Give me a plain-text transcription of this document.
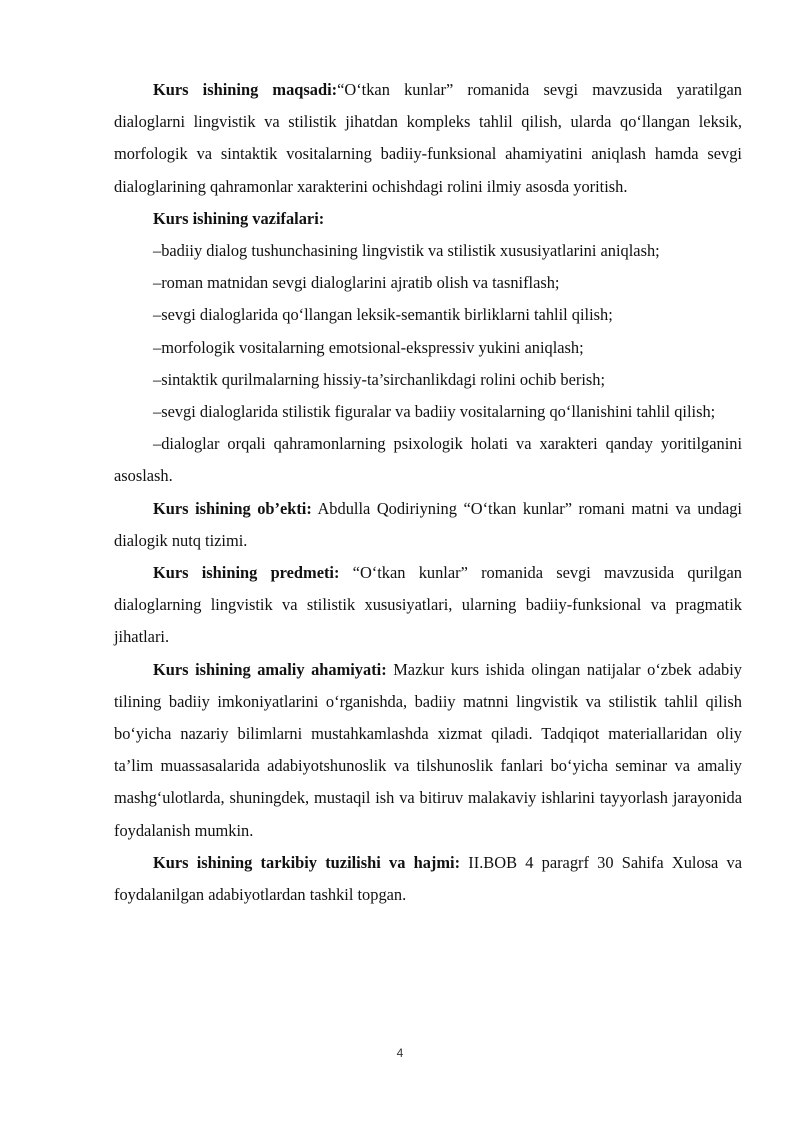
Kurs ishining maqsadi:“O‘tkan kunlar” romanida sevgi mavzusida yaratilgan dialoglarni lingvistik va stilistik jihatdan kompleks tahlil qilish, ularda qo‘llangan leksik, morfologik va sintaktik vositalarning badiiy-funksional ahamiyatini aniqlash hamda sevgi dialoglarining qahramonlar xarakterini ochishdagi rolini ilmiy asosda yoritish.

Kurs ishining vazifalari:

–badiiy dialog tushunchasining lingvistik va stilistik xususiyatlarini aniqlash;

–roman matnidan sevgi dialoglarini ajratib olish va tasniflash;

–sevgi dialoglarida qo‘llangan leksik-semantik birliklarni tahlil qilish;

–morfologik vositalarning emotsional-ekspressiv yukini aniqlash;

–sintaktik qurilmalarning hissiy-ta’sirchanlikdagi rolini ochib berish;

–sevgi dialoglarida stilistik figuralar va badiiy vositalarning qo‘llanishini tahlil qilish;

–dialoglar orqali qahramonlarning psixologik holati va xarakteri qanday yoritilganini asoslash.

Kurs ishining ob’ekti: Abdulla Qodiriyning “O‘tkan kunlar” romani matni va undagi dialogik nutq tizimi.

Kurs ishining predmeti: “O‘tkan kunlar” romanida sevgi mavzusida qurilgan dialoglarning lingvistik va stilistik xususiyatlari, ularning badiiy-funksional va pragmatik jihatlari.

Kurs ishining amaliy ahamiyati: Mazkur kurs ishida olingan natijalar o‘zbek adabiy tilining badiiy imkoniyatlarini o‘rganishda, badiiy matnni lingvistik va stilistik tahlil qilish bo‘yicha nazariy bilimlarni mustahkamlashda xizmat qiladi. Tadqiqot materiallaridan oliy ta’lim muassasalarida adabiyotshunoslik va tilshunoslik fanlari bo‘yicha seminar va amaliy mashg‘ulotlarda, shuningdek, mustaqil ish va bitiruv malakaviy ishlarini tayyorlash jarayonida foydalanish mumkin.

Kurs ishining tarkibiy tuzilishi va hajmi: II.BOB 4 paragrf 30 Sahifa Xulosa va foydalanilgan adabiyotlardan tashkil topgan.

4
